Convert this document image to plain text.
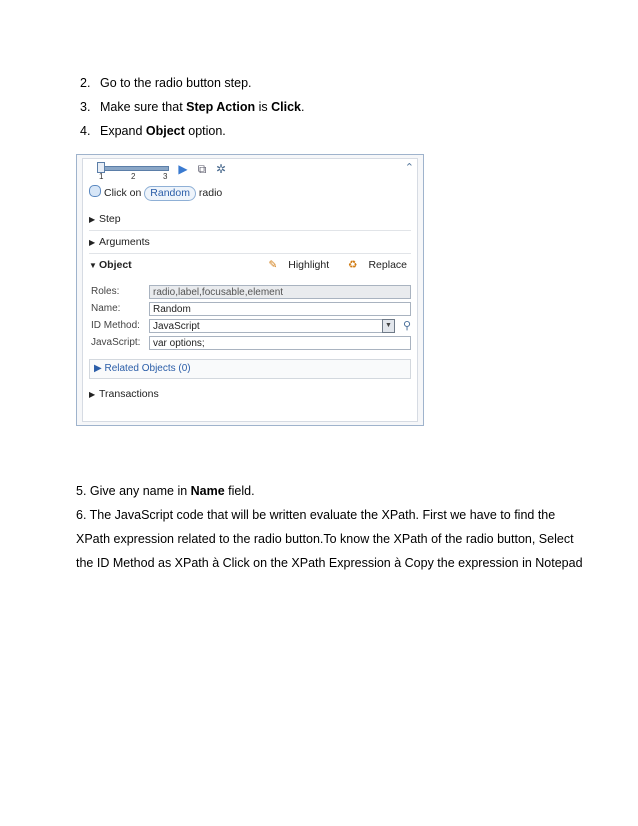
2. Go to the radio button step.
3. Make sure that Step Action is Click.
4. Expand Object option.
1	2	3
▶ ⧉ ✲	⌃
Click on Random radio
▶ Step
▶ Arguments
▼ Object	✎ Highlight ♻ Replace
Roles:	radio,label,focusable,element
Name:	Random
ID Method:	JavaScript	▼ ⚲
JavaScript:	var options;
▶ Related Objects (0)
▶ Transactions
5. Give any name in Name field.
6. The JavaScript code that will be written evaluate the XPath. First we have to find the
XPath expression related to the radio button.To know the XPath of the radio button, Select
the ID Method as XPath à Click on the XPath Expression à Copy the expression in Notepad
